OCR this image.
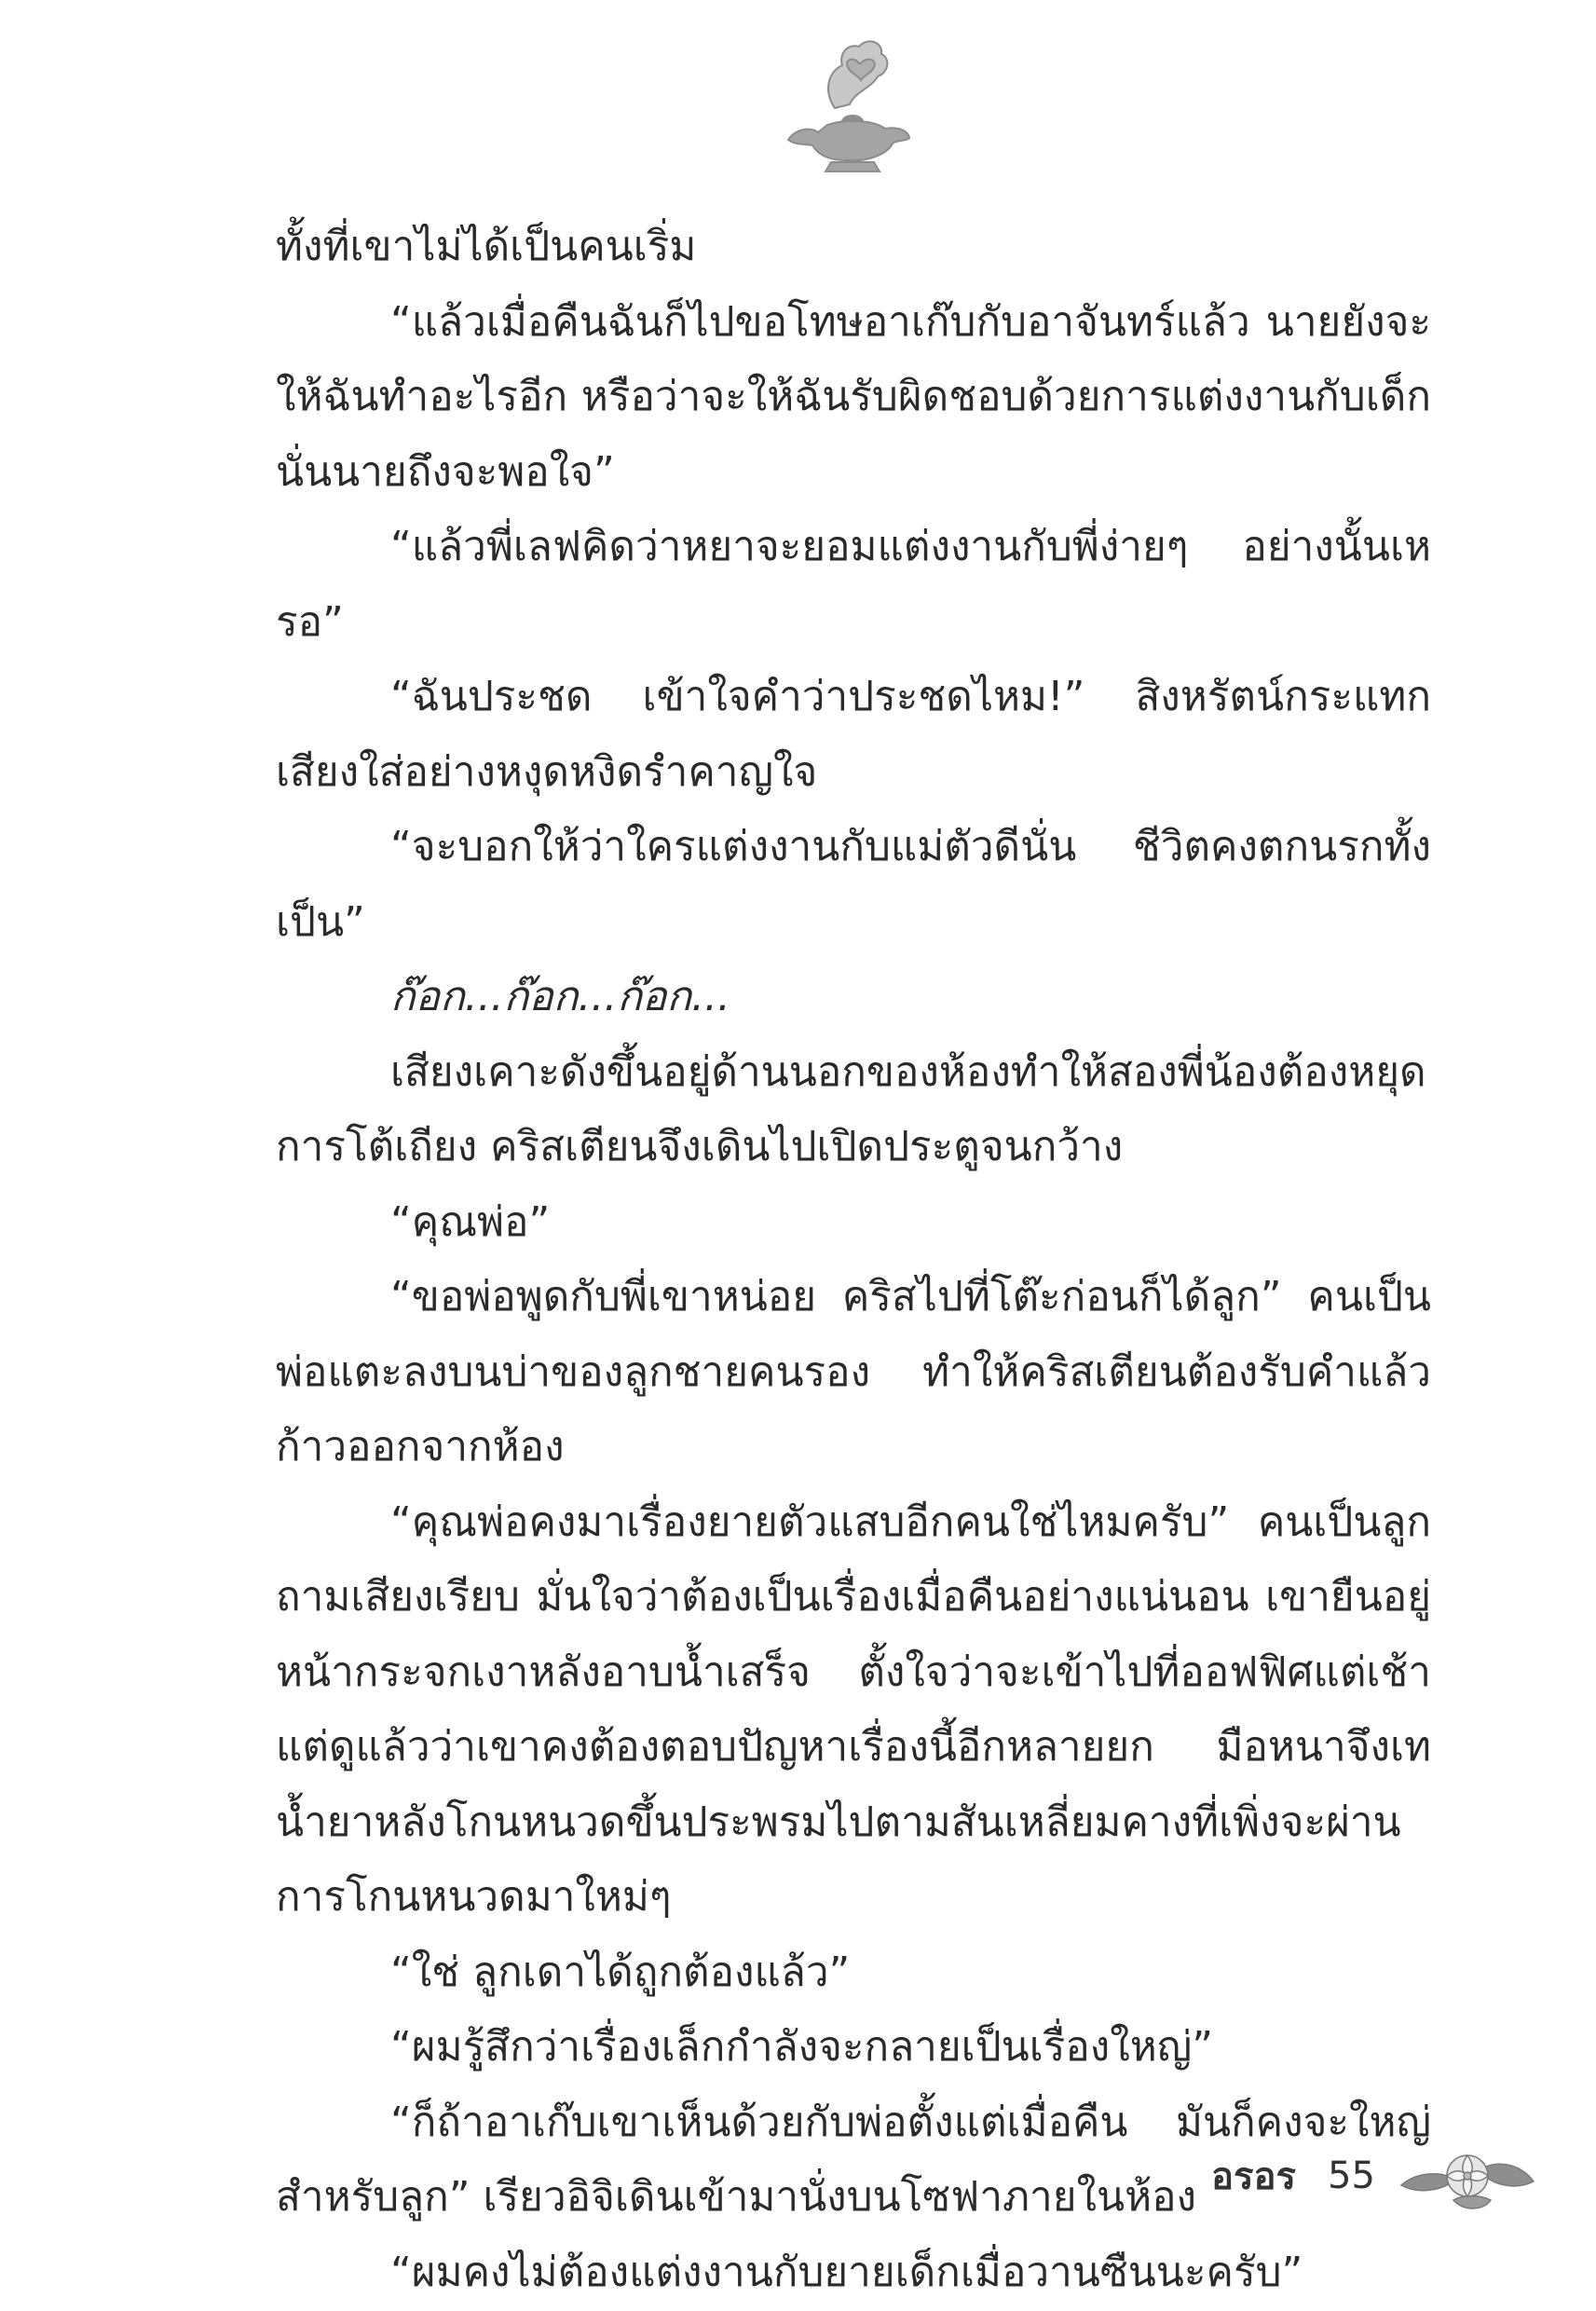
ทั้งที่เขาไม่ได้เป็นคนเริ่ม

“แล้วเมื่อคืนฉันก็ไปขอโทษอาเก๊บกับอาจันทร์แล้ว นายยังจะให้ฉันทำอะไรอีก หรือว่าจะให้ฉันรับผิดชอบด้วยการแต่งงานกับเด็กนั่นนายถึงจะพอใจ”

“แล้วพี่เลฟคิดว่าหยาจะยอมแต่งงานกับพี่ง่ายๆ อย่างนั้นเหรอ”

“ฉันประชด เข้าใจคำว่าประชดไหม!” สิงหรัตน์กระแทกเสียงใส่อย่างหงุดหงิดรำคาญใจ

“จะบอกให้ว่าใครแต่งงานกับแม่ตัวดีนั่น ชีวิตคงตกนรกทั้งเป็น”

ก๊อก...ก๊อก...ก๊อก...

เสียงเคาะดังขึ้นอยู่ด้านนอกของห้องทำให้สองพี่น้องต้องหยุดการโต้เถียง คริสเตียนจึงเดินไปเปิดประตูจนกว้าง

“คุณพ่อ”

“ขอพ่อพูดกับพี่เขาหน่อย คริสไปที่โต๊ะก่อนก็ได้ลูก” คนเป็นพ่อแตะลงบนบ่าของลูกชายคนรอง ทำให้คริสเตียนต้องรับคำแล้วก้าวออกจากห้อง

“คุณพ่อคงมาเรื่องยายตัวแสบอีกคนใช่ไหมครับ” คนเป็นลูกถามเสียงเรียบ มั่นใจว่าต้องเป็นเรื่องเมื่อคืนอย่างแน่นอน เขายืนอยู่หน้ากระจกเงาหลังอาบน้ำเสร็จ ตั้งใจว่าจะเข้าไปที่ออฟฟิศแต่เช้า แต่ดูแล้วว่าเขาคงต้องตอบปัญหาเรื่องนี้อีกหลายยก มือหนาจึงเทน้ำยาหลังโกนหนวดขึ้นประพรมไปตามสันเหลี่ยมคางที่เพิ่งจะผ่านการโกนหนวดมาใหม่ๆ

“ใช่ ลูกเดาได้ถูกต้องแล้ว”

“ผมรู้สึกว่าเรื่องเล็กกำลังจะกลายเป็นเรื่องใหญ่”

“ก็ถ้าอาเก๊บเขาเห็นด้วยกับพ่อตั้งแต่เมื่อคืน มันก็คงจะใหญ่สำหรับลูก” เรียวอิจิเดินเข้ามานั่งบนโซฟาภายในห้อง

“ผมคงไม่ต้องแต่งงานกับยายเด็กเมื่อวานซืนนะครับ”

อรอร 55
